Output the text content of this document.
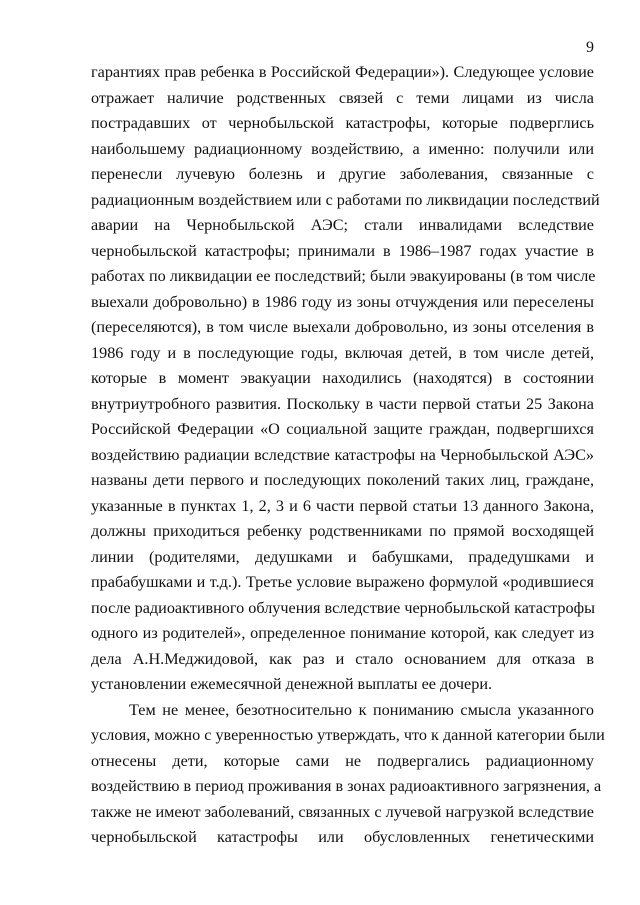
9
гарантиях прав ребенка в Российской Федерации»). Следующее условие
отражает наличие родственных связей с теми лицами из числа
пострадавших от чернобыльской катастрофы, которые подверглись
наибольшему радиационному воздействию, а именно: получили или
перенесли лучевую болезнь и другие заболевания, связанные с
радиационным воздействием или с работами по ликвидации последствий
аварии на Чернобыльской АЭС; стали инвалидами вследствие
чернобыльской катастрофы; принимали в 1986–1987 годах участие в
работах по ликвидации ее последствий; были эвакуированы (в том числе
выехали добровольно) в 1986 году из зоны отчуждения или переселены
(переселяются), в том числе выехали добровольно, из зоны отселения в
1986 году и в последующие годы, включая детей, в том числе детей,
которые в момент эвакуации находились (находятся) в состоянии
внутриутробного развития. Поскольку в части первой статьи 25 Закона
Российской Федерации «О социальной защите граждан, подвергшихся
воздействию радиации вследствие катастрофы на Чернобыльской АЭС»
названы дети первого и последующих поколений таких лиц, граждане,
указанные в пунктах 1, 2, 3 и 6 части первой статьи 13 данного Закона,
должны приходиться ребенку родственниками по прямой восходящей
линии (родителями, дедушками и бабушками, прадедушками и
прабабушками и т.д.). Третье условие выражено формулой «родившиеся
после радиоактивного облучения вследствие чернобыльской катастрофы
одного из родителей», определенное понимание которой, как следует из
дела А.Н.Меджидовой, как раз и стало основанием для отказа в
установлении ежемесячной денежной выплаты ее дочери.
Тем не менее, безотносительно к пониманию смысла указанного
условия, можно с уверенностью утверждать, что к данной категории были
отнесены дети, которые сами не подвергались радиационному
воздействию в период проживания в зонах радиоактивного загрязнения, а
также не имеют заболеваний, связанных с лучевой нагрузкой вследствие
чернобыльской катастрофы или обусловленных генетическими
